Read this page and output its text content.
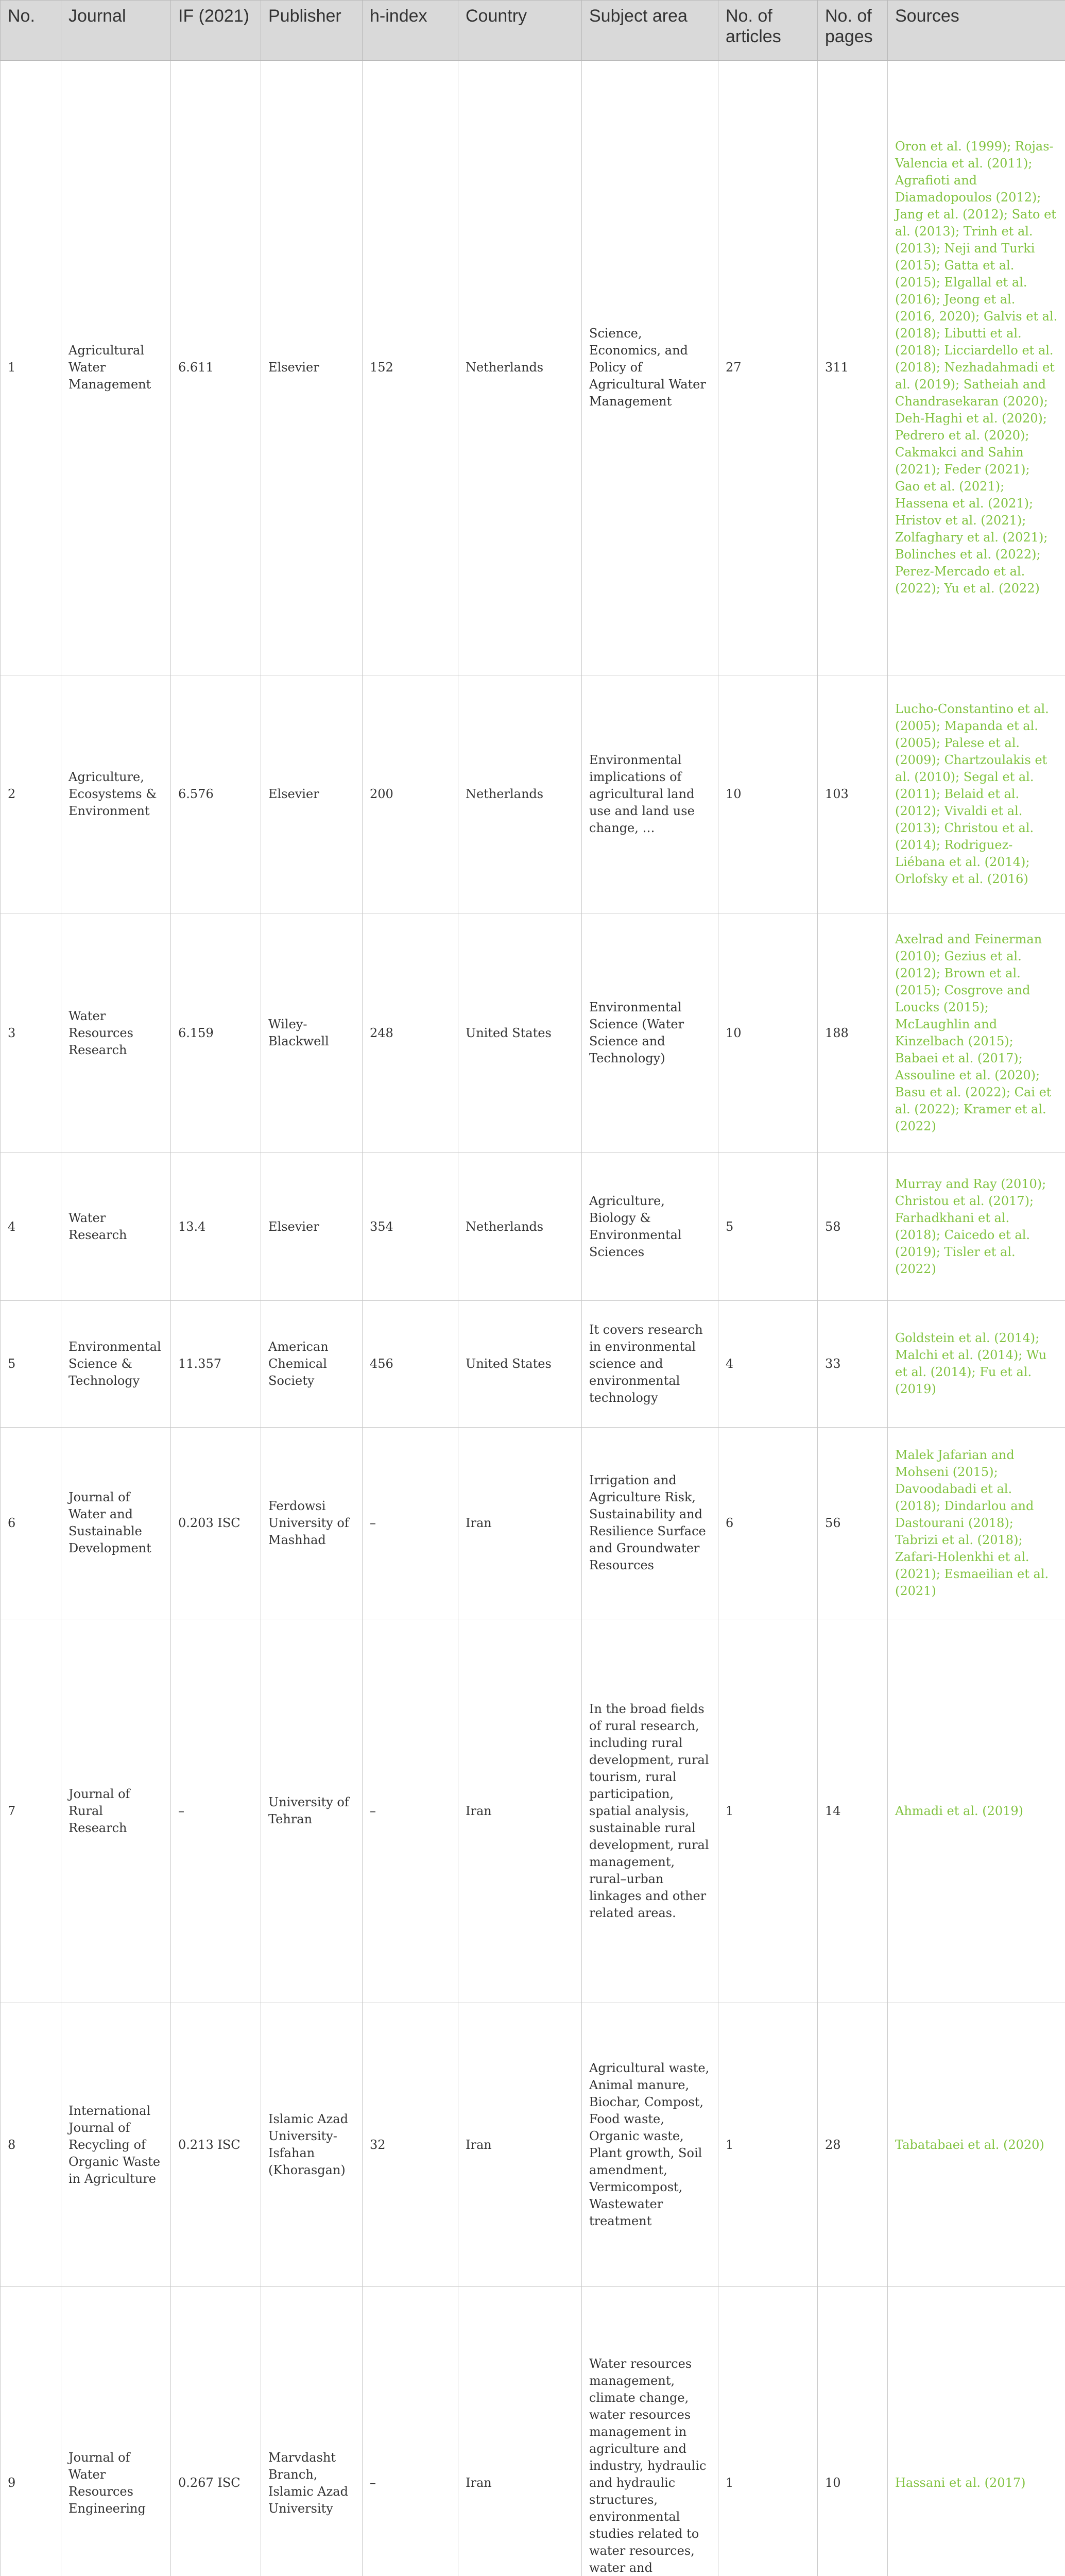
No.	Journal	IF (2021)	Publisher	h-index	Country	Subject area	No. of articles	No. of pages	Sources
1	Agricultural Water Management	6.611	Elsevier	152	Netherlands	Science, Economics, and Policy of Agricultural Water Management	27	311	Oron et al. (1999); Rojas-Valencia et al. (2011); Agrafioti and Diamadopoulos (2012); Jang et al. (2012); Sato et al. (2013); Trinh et al. (2013); Neji and Turki (2015); Gatta et al. (2015); Elgallal et al. (2016); Jeong et al. (2016, 2020); Galvis et al. (2018); Libutti et al. (2018); Licciardello et al. (2018); Nezhadahmadi et al. (2019); Satheiah and Chandrasekaran (2020); Deh-Haghi et al. (2020); Pedrero et al. (2020); Cakmakci and Sahin (2021); Feder (2021); Gao et al. (2021); Hassena et al. (2021); Hristov et al. (2021); Zolfaghary et al. (2021); Bolinches et al. (2022); Perez-Mercado et al. (2022); Yu et al. (2022)
2	Agriculture, Ecosystems & Environment	6.576	Elsevier	200	Netherlands	Environmental implications of agricultural land use and land use change, …	10	103	Lucho-Constantino et al. (2005); Mapanda et al. (2005); Palese et al. (2009); Chartzoulakis et al. (2010); Segal et al. (2011); Belaid et al. (2012); Vivaldi et al. (2013); Christou et al. (2014); Rodriguez-Liébana et al. (2014); Orlofsky et al. (2016)
3	Water Resources Research	6.159	Wiley-Blackwell	248	United States	Environmental Science (Water Science and Technology)	10	188	Axelrad and Feinerman (2010); Gezius et al. (2012); Brown et al. (2015); Cosgrove and Loucks (2015); McLaughlin and Kinzelbach (2015); Babaei et al. (2017); Assouline et al. (2020); Basu et al. (2022); Cai et al. (2022); Kramer et al. (2022)
4	Water Research	13.4	Elsevier	354	Netherlands	Agriculture, Biology & Environmental Sciences	5	58	Murray and Ray (2010); Christou et al. (2017); Farhadkhani et al. (2018); Caicedo et al. (2019); Tisler et al. (2022)
5	Environmental Science & Technology	11.357	American Chemical Society	456	United States	It covers research in environmental science and environmental technology	4	33	Goldstein et al. (2014); Malchi et al. (2014); Wu et al. (2014); Fu et al. (2019)
6	Journal of Water and Sustainable Development	0.203 ISC	Ferdowsi University of Mashhad	–	Iran	Irrigation and Agriculture Risk, Sustainability and Resilience Surface and Groundwater Resources	6	56	Malek Jafarian and Mohseni (2015); Davoodabadi et al. (2018); Dindarlou and Dastourani (2018); Tabrizi et al. (2018); Zafari-Holenkhi et al. (2021); Esmaeilian et al. (2021)
7	Journal of Rural Research	–	University of Tehran	–	Iran	In the broad fields of rural research, including rural development, rural tourism, rural participation, spatial analysis, sustainable rural development, rural management, rural–urban linkages and other related areas.	1	14	Ahmadi et al. (2019)
8	International Journal of Recycling of Organic Waste in Agriculture	0.213 ISC	Islamic Azad University-Isfahan (Khorasgan)	32	Iran	Agricultural waste, Animal manure, Biochar, Compost, Food waste, Organic waste, Plant growth, Soil amendment, Vermicompost, Wastewater treatment	1	28	Tabatabaei et al. (2020)
9	Journal of Water Resources Engineering	0.267 ISC	Marvdasht Branch, Islamic Azad University	–	Iran	Water resources management, climate change, water resources management in agriculture and industry, hydraulic and hydraulic structures, environmental studies related to water resources, water and	1	10	Hassani et al. (2017)
